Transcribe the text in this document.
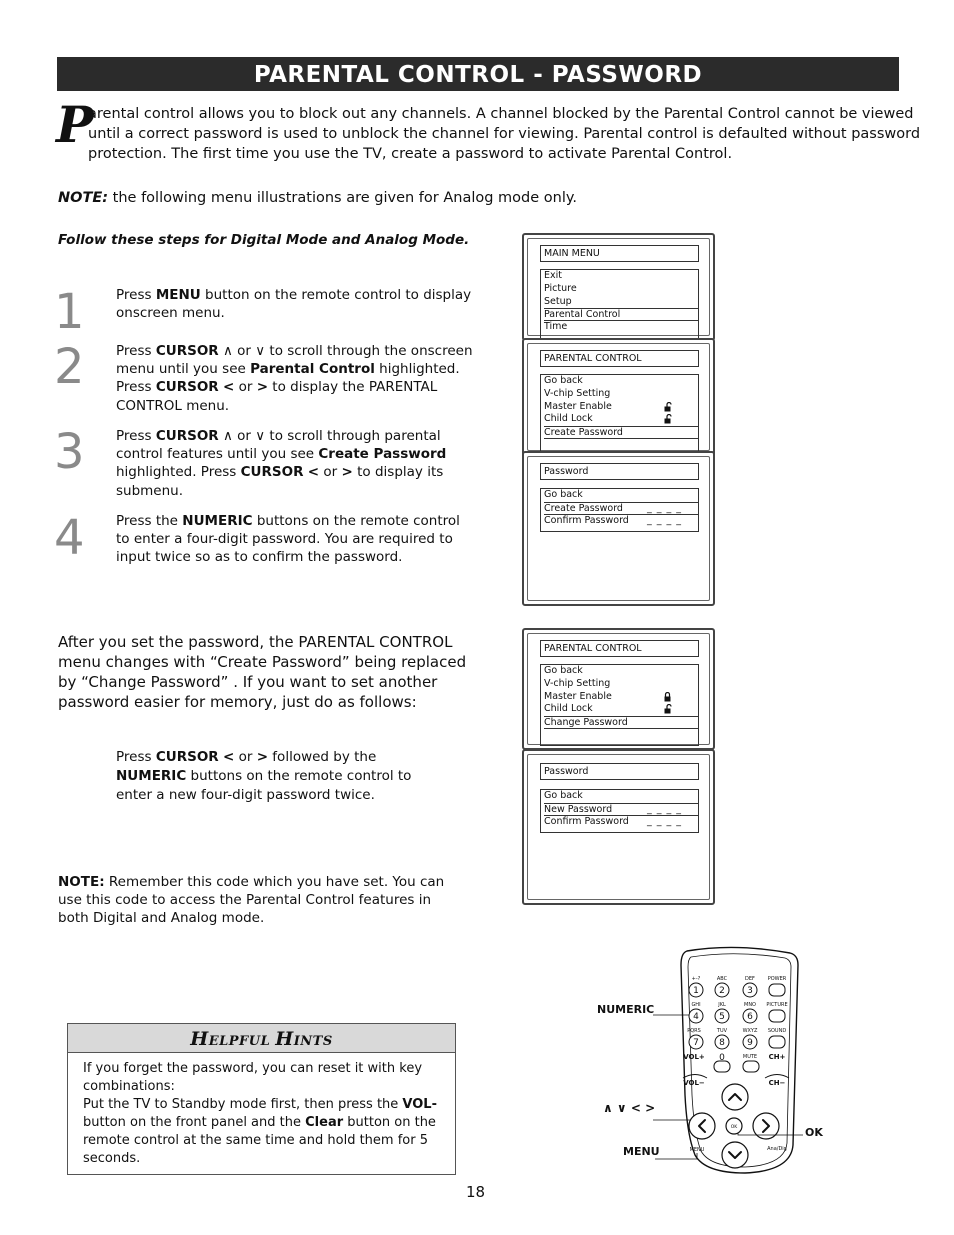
PARENTAL CONTROL - PASSWORD
P
arental control allows you to block out any channels. A channel blocked by the Parental Control cannot be viewed
until a correct password is used to unblock the channel for viewing. Parental control is defaulted without password
protection. The first time you use the TV, create a password to activate Parental Control.
NOTE: the following menu illustrations are given for Analog mode only.
Follow these steps for Digital Mode and Analog Mode.
1 Press MENU button on the remote control to display onscreen menu.
2 Press CURSOR ∧ or ∨ to scroll through the onscreen menu until you see Parental Control highlighted. Press CURSOR < or > to display the PARENTAL CONTROL menu.
3 Press CURSOR ∧ or ∨ to scroll through parental control features until you see Create Password highlighted. Press CURSOR < or > to display its submenu.
4 Press the NUMERIC buttons on the remote control to enter a four-digit password. You are required to input twice so as to confirm the password.
After you set the password, the PARENTAL CONTROL menu changes with “Create Password” being replaced by “Change Password” . If you want to set another password easier for memory, just do as follows:
Press CURSOR < or > followed by the NUMERIC buttons on the remote control to enter a new four-digit password twice.
NOTE: Remember this code which you have set. You can use this code to access the Parental Control features in both Digital and Analog mode.
MAIN MENU
Exit
Picture
Setup
Parental Control
Time
PARENTAL CONTROL
Go back
V-chip Setting
Master Enable
Child Lock
Create Password
Password
Go back
Create Password	_ _ _ _
Confirm Password _ _ _ _
PARENTAL CONTROL
Go back
V-chip Setting
Master Enable
Child Lock
Change Password
Password
Go back
New Password	_ _ _ _
Confirm Password _ _ _ _
HELPFUL HINTS
If you forget the password, you can reset it with key combinations:
Put the TV to Standby mode first, then press the VOL- button on the front panel and the Clear button on the remote control at the same time and hold them for 5 seconds.
+-?	ABC	DEF	POWER
GHI	JKL	MNO PICTURE
PQRS	TUV	WXYZ SOUND
MUTE
MENU	Ana/Dig
1 2 3
4 5 6
7 8 9
0
VOL+
VOL−
CH+
CH−
OK
NUMERIC
∧ ∨ < >
MENU
OK
18
